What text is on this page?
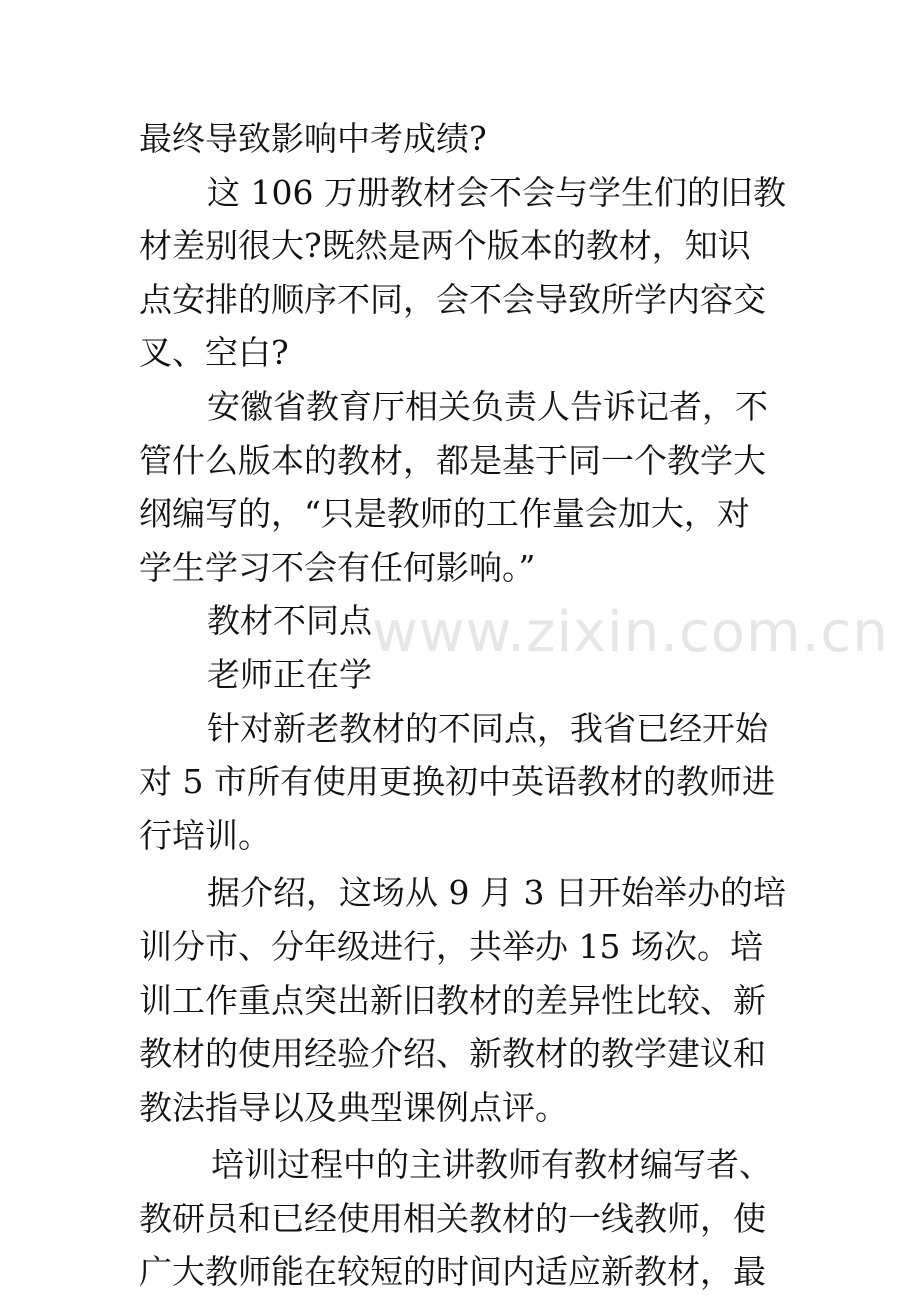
www.zixin.com.cn
最终导致影响中考成绩?
这 106 万册教材会不会与学生们的旧教
材差别很大?既然是两个版本的教材，知识
点安排的顺序不同，会不会导致所学内容交
叉、空白?
安徽省教育厅相关负责人告诉记者，不
管什么版本的教材，都是基于同一个教学大
纲编写的，“只是教师的工作量会加大，对
学生学习不会有任何影响。”
教材不同点
老师正在学
针对新老教材的不同点，我省已经开始
对 5 市所有使用更换初中英语教材的教师进
行培训。
据介绍，这场从 9 月 3 日开始举办的培
训分市、分年级进行，共举办 15 场次。培
训工作重点突出新旧教材的差异性比较、新
教材的使用经验介绍、新教材的教学建议和
教法指导以及典型课例点评。
培训过程中的主讲教师有教材编写者、
教研员和已经使用相关教材的一线教师，使
广大教师能在较短的时间内适应新教材，最
